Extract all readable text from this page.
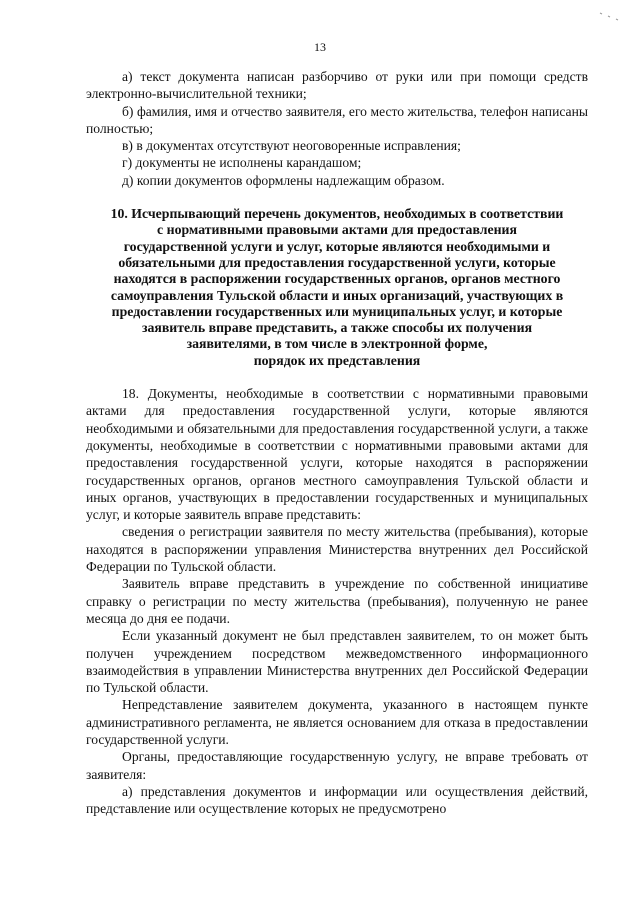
13

а) текст документа написан разборчиво от руки или при помощи средств электронно-вычислительной техники;

б) фамилия, имя и отчество заявителя, его место жительства, телефон написаны полностью;

в) в документах отсутствуют неоговоренные исправления;

г) документы не исполнены карандашом;

д) копии документов оформлены надлежащим образом.

10. Исчерпывающий перечень документов, необходимых в соответствии
с нормативными правовыми актами для предоставления
государственной услуги и услуг, которые являются необходимыми и
обязательными для предоставления государственной услуги, которые
находятся в распоряжении государственных органов, органов местного
самоуправления Тульской области и иных организаций, участвующих в
предоставлении государственных или муниципальных услуг, и которые
заявитель вправе представить, а также способы их получения
заявителями, в том числе в электронной форме,
порядок их представления

18. Документы, необходимые в соответствии с нормативными правовыми актами для предоставления государственной услуги, которые являются необходимыми и обязательными для предоставления государственной услуги, а также документы, необходимые в соответствии с нормативными правовыми актами для предоставления государственной услуги, которые находятся в распоряжении государственных органов, органов местного самоуправления Тульской области и иных органов, участвующих в предоставлении государственных и муниципальных услуг, и которые заявитель вправе представить:

сведения о регистрации заявителя по месту жительства (пребывания), которые находятся в распоряжении управления Министерства внутренних дел Российской Федерации по Тульской области.

Заявитель вправе представить в учреждение по собственной инициативе справку о регистрации по месту жительства (пребывания), полученную не ранее месяца до дня ее подачи.

Если указанный документ не был представлен заявителем, то он может быть получен учреждением посредством межведомственного информационного взаимодействия в управлении Министерства внутренних дел Российской Федерации по Тульской области.

Непредставление заявителем документа, указанного в настоящем пункте административного регламента, не является основанием для отказа в предоставлении государственной услуги.

Органы, предоставляющие государственную услугу, не вправе требовать от заявителя:

а) представления документов и информации или осуществления действий, представление или осуществление которых не предусмотрено
